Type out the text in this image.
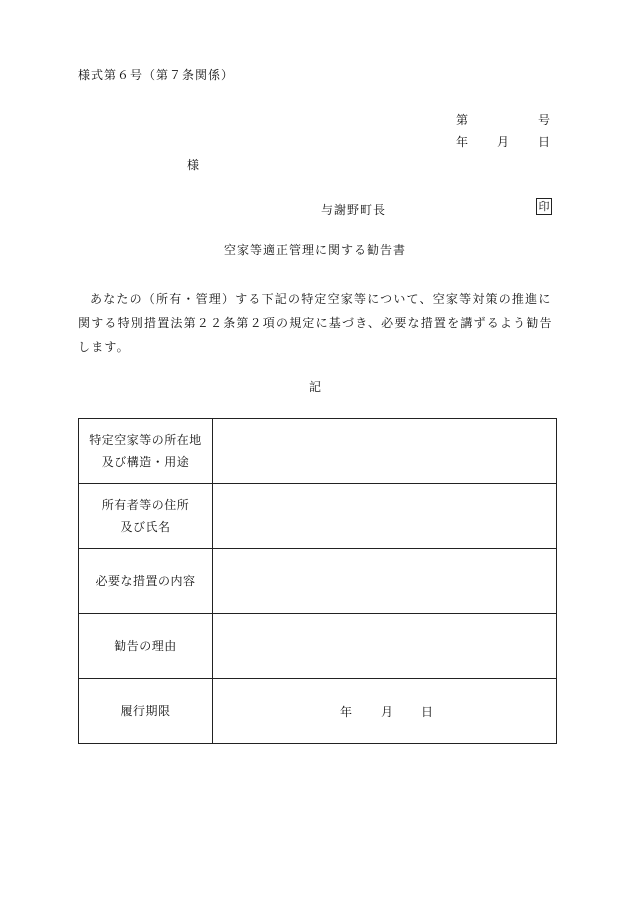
様式第６号（第７条関係）
第	号
年 月 日
様
与謝野町長	印
空家等適正管理に関する勧告書
あなたの（所有・管理）する下記の特定空家等について、空家等対策の推進に関する特別措置法第２２条第２項の規定に基づき、必要な措置を講ずるよう勧告します。
記
特定空家等の所在地
及び構造・用途	

所有者等の住所
及び氏名	

必要な措置の内容	

勧告の理由	

履行期限	年 月 日
